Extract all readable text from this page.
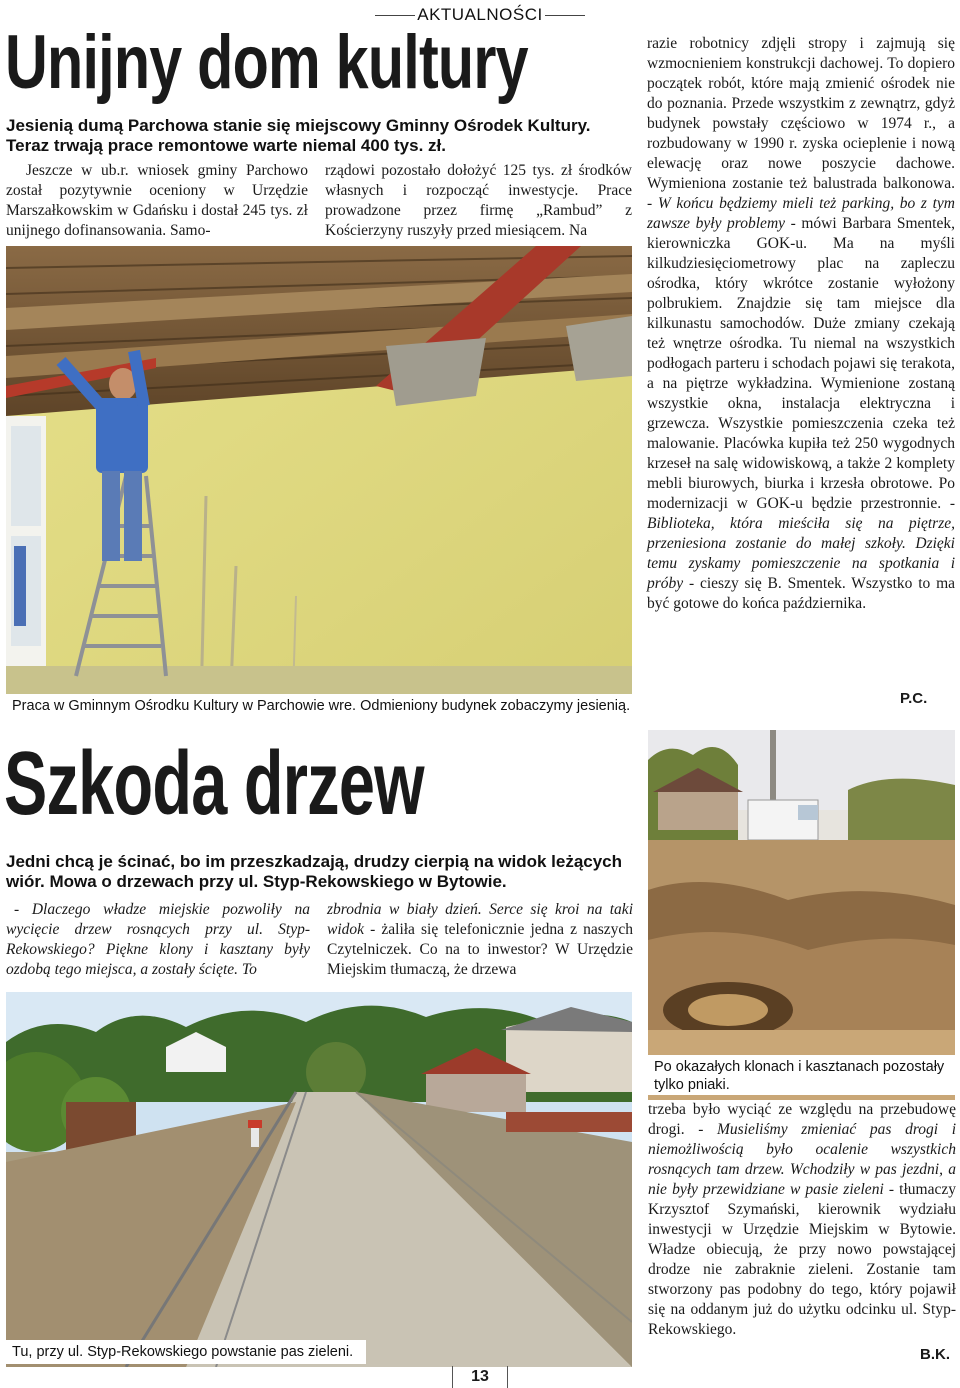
AKTUALNOŚCI
Unijny dom kultury
Jesienią dumą Parchowa stanie się miejscowy Gminny Ośrodek Kultury. Teraz trwają prace remontowe warte niemal 400 tys. zł.

Jeszcze w ub.r. wniosek gminy Parchowo został pozytywnie oceniony w Urzędzie Marszałkowskim w Gdańsku i dostał 245 tys. zł unijnego dofinansowania. Samo-

rządowi pozostało dołożyć 125 tys. zł środków własnych i rozpocząć inwestycje. Prace prowadzone przez firmę „Rambud” z Kościerzyny ruszyły przed miesiącem. Na

Praca w Gminnym Ośrodku Kultury w Parchowie wre. Odmieniony budynek zobaczymy jesienią.

razie robotnicy zdjęli stropy i zajmują się wzmocnieniem konstrukcji dachowej. To dopiero początek robót, które mają zmienić ośrodek nie do poznania. Przede wszystkim z zewnątrz, gdyż budynek powstały częściowo w 1974 r., a rozbudowany w 1990 r. zyska ocieplenie i nową elewację oraz nowe poszycie dachowe. Wymieniona zostanie też balustrada balkonowa. - W końcu będziemy mieli też parking, bo z tym zawsze były problemy - mówi Barbara Smentek, kierowniczka GOK-u. Ma na myśli kilkudziesięciometrowy plac na zapleczu ośrodka, który wkrótce zostanie wyłożony polbrukiem. Znajdzie się tam miejsce dla kilkunastu samochodów. Duże zmiany czekają też wnętrze ośrodka. Tu niemal na wszystkich podłogach parteru i schodach pojawi się terakota, a na piętrze wykładzina. Wymienione zostaną wszystkie okna, instalacja elektryczna i grzewcza. Wszystkie pomieszczenia czeka też malowanie. Placówka kupiła też 250 wygodnych krzeseł na salę widowiskową, a także 2 komplety mebli biurowych, biurka i krzesła obrotowe. Po modernizacji w GOK-u będzie przestronnie. - Biblioteka, która mieściła się na piętrze, przeniesiona zostanie do małej szkoły. Dzięki temu zyskamy pomieszczenie na spotkania i próby - cieszy się B. Smentek. Wszystko to ma być gotowe do końca października.

P.C.
Szkoda drzew
Jedni chcą je ścinać, bo im przeszkadzają, drudzy cierpią na widok leżących wiór. Mowa o drzewach przy ul. Styp-Rekowskiego w Bytowie.

- Dlaczego władze miejskie pozwoliły na wycięcie drzew rosnących przy ul. Styp-Rekowskiego? Piękne klony i kasztany były ozdobą tego miejsca, a zostały ścięte. To

zbrodnia w biały dzień. Serce się kroi na taki widok - żaliła się telefonicznie jedna z naszych Czytelniczek. Co na to inwestor? W Urzędzie Miejskim tłumaczą, że drzewa

Po okazałych klonach i kasztanach pozostały tylko pniaki.
Tu, przy ul. Styp-Rekowskiego powstanie pas zieleni.

trzeba było wyciąć ze względu na przebudowę drogi. - Musieliśmy zmieniać pas drogi i niemożliwością było ocalenie wszystkich rosnących tam drzew. Wchodziły w pas jezdni, a nie były przewidziane w pasie zieleni - tłumaczy Krzysztof Szymański, kierownik wydziału inwestycji w Urzędzie Miejskim w Bytowie. Władze obiecują, że przy nowo powstającej drodze nie zabraknie zieleni. Zostanie tam stworzony pas podobny do tego, który pojawił się na oddanym już do użytku odcinku ul. Styp-Rekowskiego.

B.K.
13
